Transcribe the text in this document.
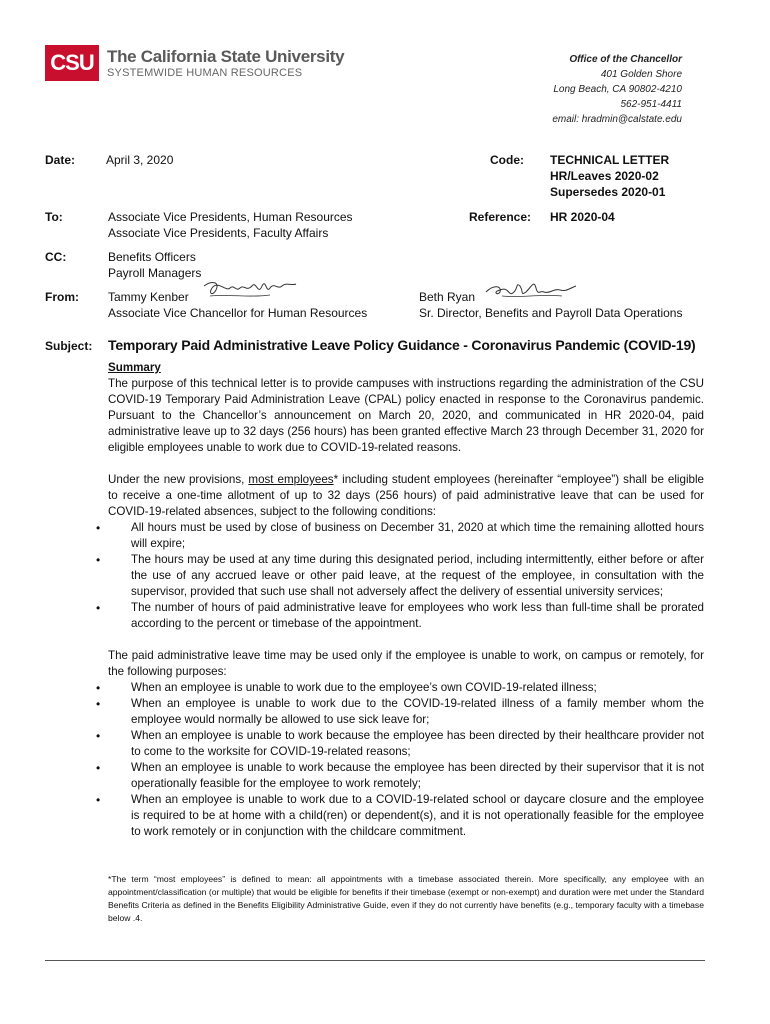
CSU The California State University
SYSTEMWIDE HUMAN RESOURCES
Office of the Chancellor
401 Golden Shore
Long Beach, CA 90802-4210
562-951-4411
email: hradmin@calstate.edu
Date:	April 3, 2020	Code: TECHNICAL LETTER
HR/Leaves 2020-02
Supersedes 2020-01
To:	Associate Vice Presidents, Human Resources
Associate Vice Presidents, Faculty Affairs
Reference: HR 2020-04
CC:	Benefits Officers
Payroll Managers
From: Tammy Kenber
Associate Vice Chancellor for Human Resources
Beth Ryan
Sr. Director, Benefits and Payroll Data Operations
Subject: Temporary Paid Administrative Leave Policy Guidance - Coronavirus Pandemic (COVID-19)

Summary

The purpose of this technical letter is to provide campuses with instructions regarding the administration of the CSU COVID-19 Temporary Paid Administration Leave (CPAL) policy enacted in response to the Coronavirus pandemic. Pursuant to the Chancellor’s announcement on March 20, 2020, and communicated in HR 2020-04, paid administrative leave up to 32 days (256 hours) has been granted effective March 23 through December 31, 2020 for eligible employees unable to work due to COVID-19-related reasons.

Under the new provisions, most employees* including student employees (hereinafter “employee”) shall be eligible to receive a one-time allotment of up to 32 days (256 hours) of paid administrative leave that can be used for COVID-19-related absences, subject to the following conditions:

All hours must be used by close of business on December 31, 2020 at which time the remaining allotted hours will expire;
The hours may be used at any time during this designated period, including intermittently, either before or after the use of any accrued leave or other paid leave, at the request of the employee, in consultation with the supervisor, provided that such use shall not adversely affect the delivery of essential university services;
The number of hours of paid administrative leave for employees who work less than full-time shall be prorated according to the percent or timebase of the appointment.

The paid administrative leave time may be used only if the employee is unable to work, on campus or remotely, for the following purposes:

When an employee is unable to work due to the employee’s own COVID-19-related illness;
When an employee is unable to work due to the COVID-19-related illness of a family member whom the employee would normally be allowed to use sick leave for;
When an employee is unable to work because the employee has been directed by their healthcare provider not to come to the worksite for COVID-19-related reasons;
When an employee is unable to work because the employee has been directed by their supervisor that it is not operationally feasible for the employee to work remotely;
When an employee is unable to work due to a COVID-19-related school or daycare closure and the employee is required to be at home with a child(ren) or dependent(s), and it is not operationally feasible for the employee to work remotely or in conjunction with the childcare commitment.
*The term “most employees” is defined to mean: all appointments with a timebase associated therein. More specifically, any employee with an appointment/classification (or multiple) that would be eligible for benefits if their timebase (exempt or non-exempt) and duration were met under the Standard Benefits Criteria as defined in the Benefits Eligibility Administrative Guide, even if they do not currently have benefits (e.g., temporary faculty with a timebase below .4.
